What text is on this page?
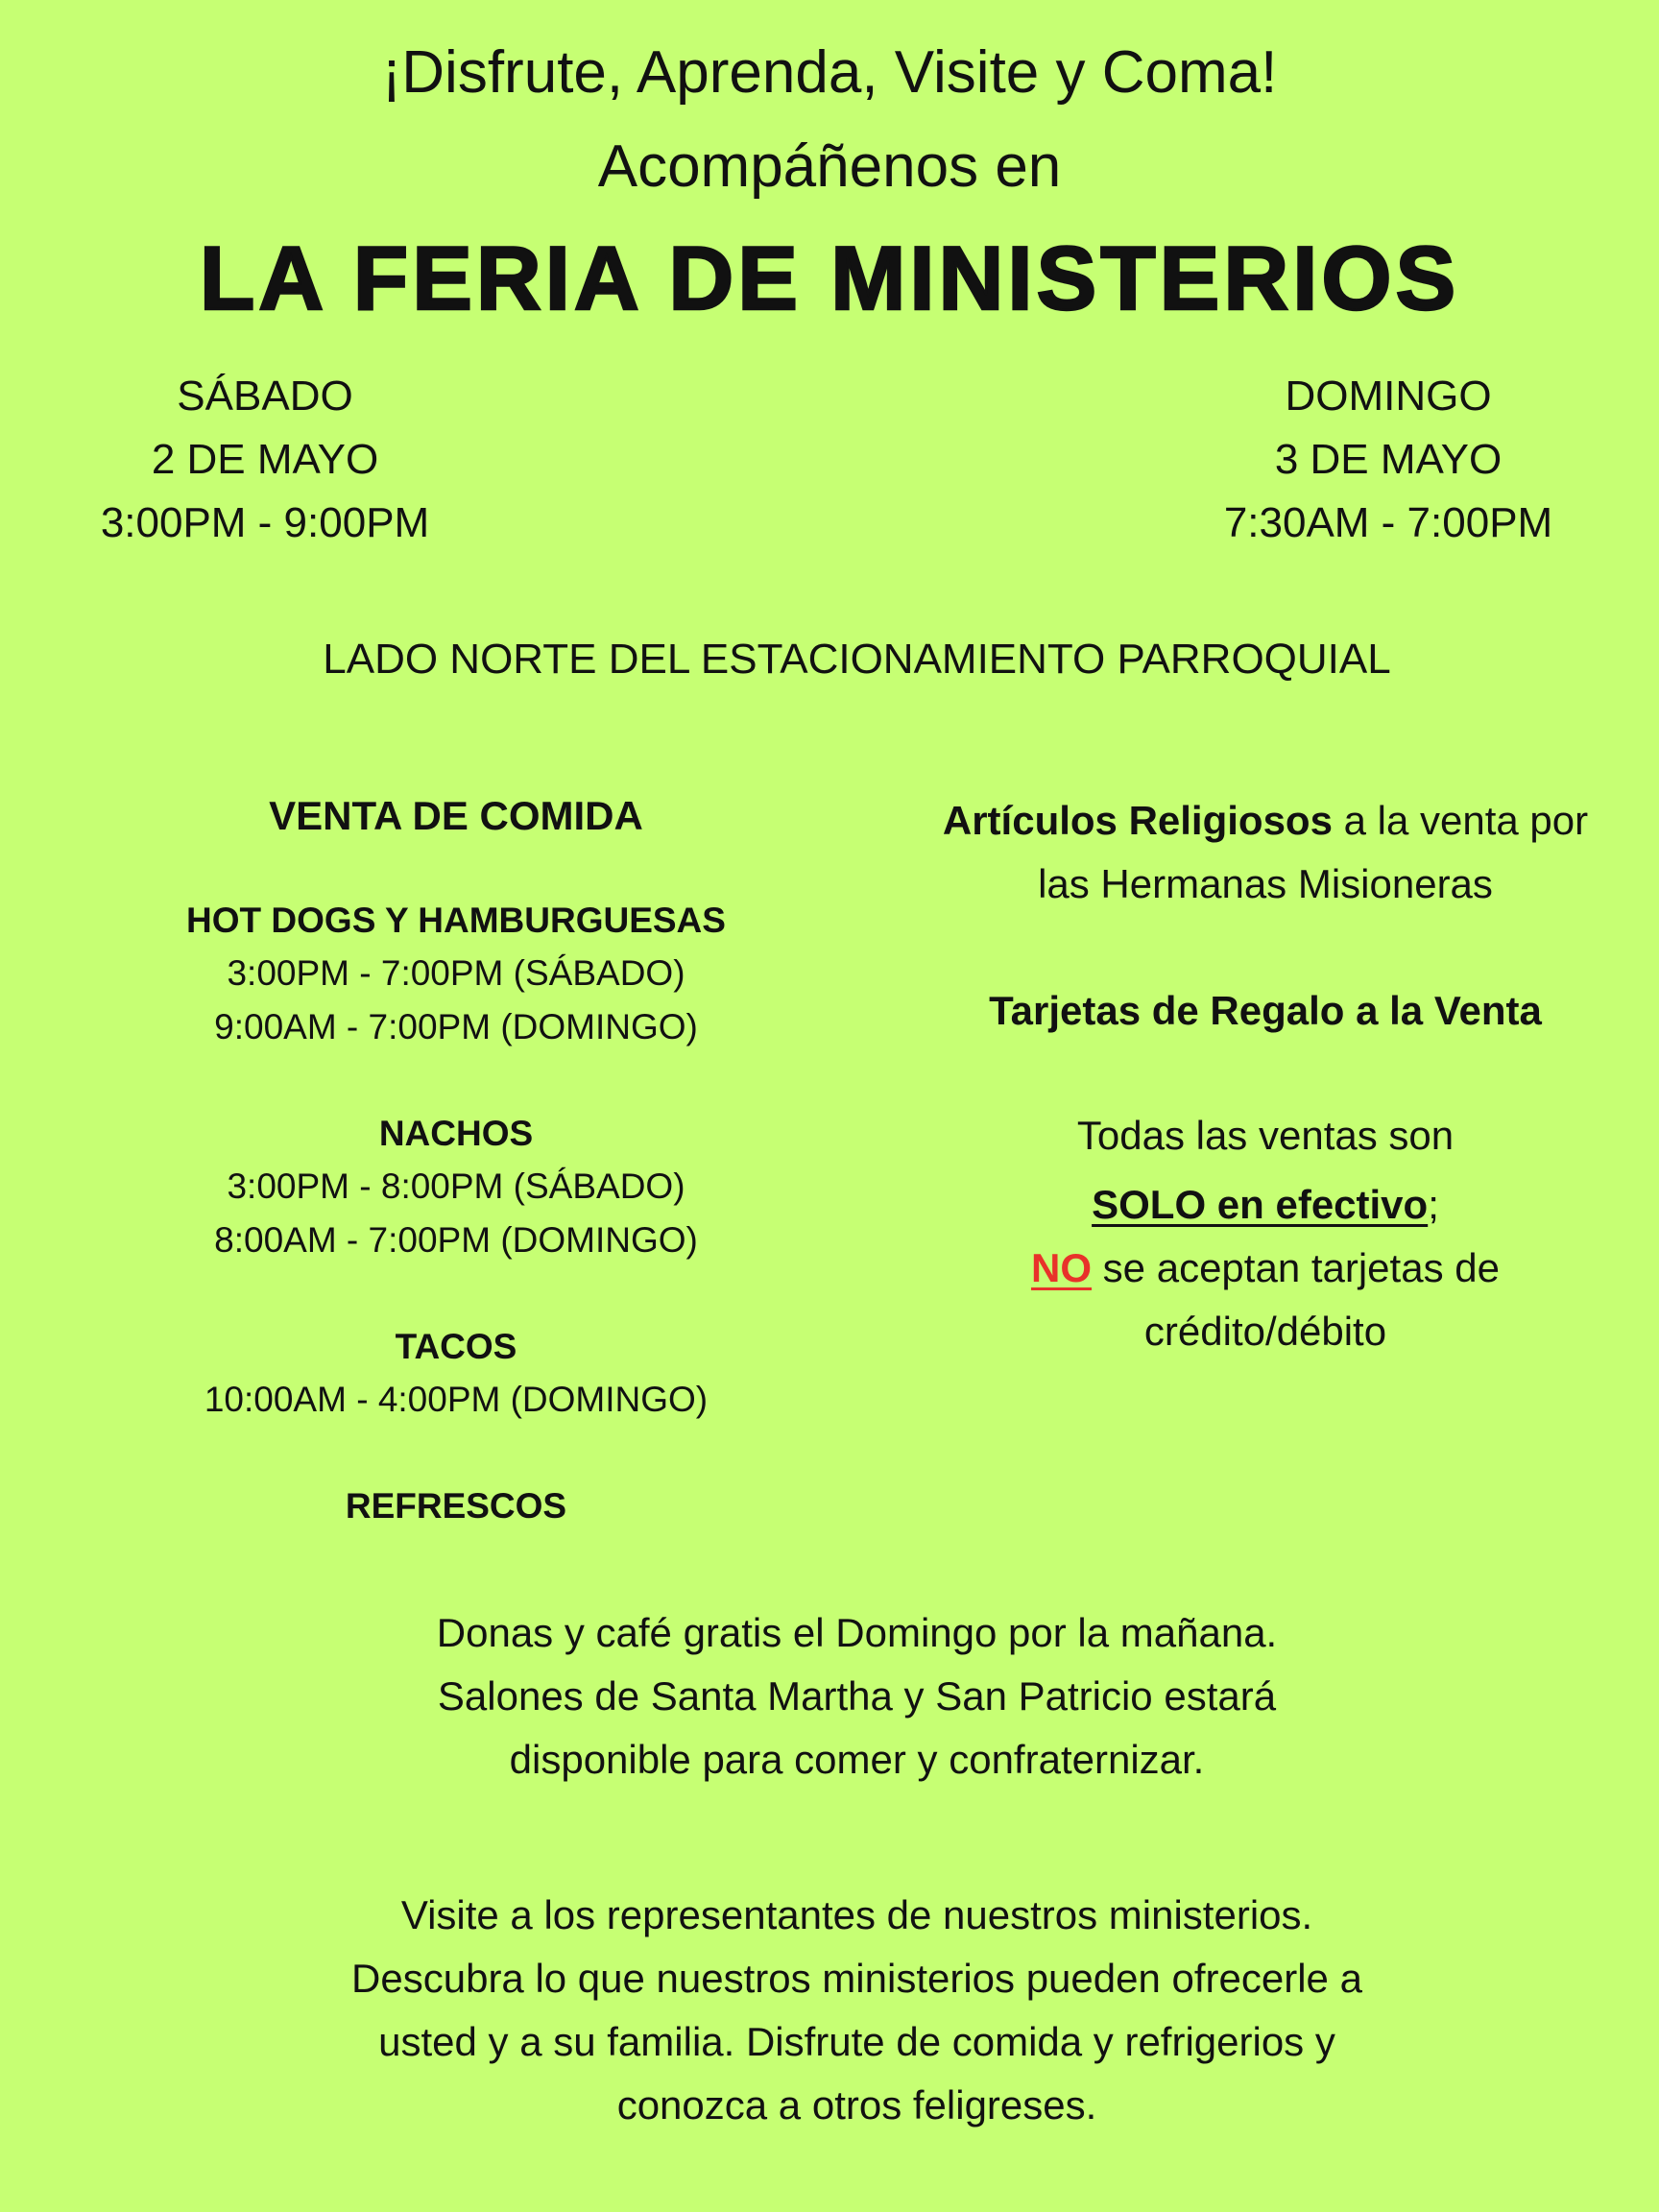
¡Disfrute, Aprenda, Visite y Coma!
Acompáñenos en
LA FERIA DE MINISTERIOS
SÁBADO
2 DE MAYO
3:00PM - 9:00PM
DOMINGO
3 DE MAYO
7:30AM - 7:00PM
LADO NORTE DEL ESTACIONAMIENTO PARROQUIAL
VENTA DE COMIDA
HOT DOGS Y HAMBURGUESAS
3:00PM - 7:00PM (SÁBADO)
9:00AM - 7:00PM (DOMINGO)
NACHOS
3:00PM - 8:00PM (SÁBADO)
8:00AM - 7:00PM (DOMINGO)
TACOS
10:00AM - 4:00PM (DOMINGO)
REFRESCOS
Artículos Religiosos a la venta por
las Hermanas Misioneras
Tarjetas de Regalo a la Venta
Todas las ventas son
SOLO en efectivo;
NO se aceptan tarjetas de
crédito/débito
Donas y café gratis el Domingo por la mañana.
Salones de Santa Martha y San Patricio estará
disponible para comer y confraternizar.
Visite a los representantes de nuestros ministerios.
Descubra lo que nuestros ministerios pueden ofrecerle a
usted y a su familia. Disfrute de comida y refrigerios y
conozca a otros feligreses.
